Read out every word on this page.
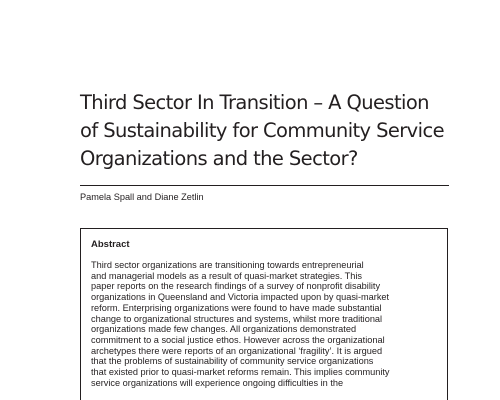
Third Sector In Transition – A Question
of Sustainability for Community Service
Organizations and the Sector?
Pamela Spall and Diane Zetlin
Abstract
Third sector organizations are transitioning towards entrepreneurial
and managerial models as a result of quasi-market strategies. This
paper reports on the research findings of a survey of nonprofit disability
organizations in Queensland and Victoria impacted upon by quasi-market
reform. Enterprising organizations were found to have made substantial
change to organizational structures and systems, whilst more traditional
organizations made few changes. All organizations demonstrated
commitment to a social justice ethos. However across the organizational
archetypes there were reports of an organizational ‘fragility’. It is argued
that the problems of sustainability of community service organizations
that existed prior to quasi-market reforms remain. This implies community
service organizations will experience ongoing difficulties in the
